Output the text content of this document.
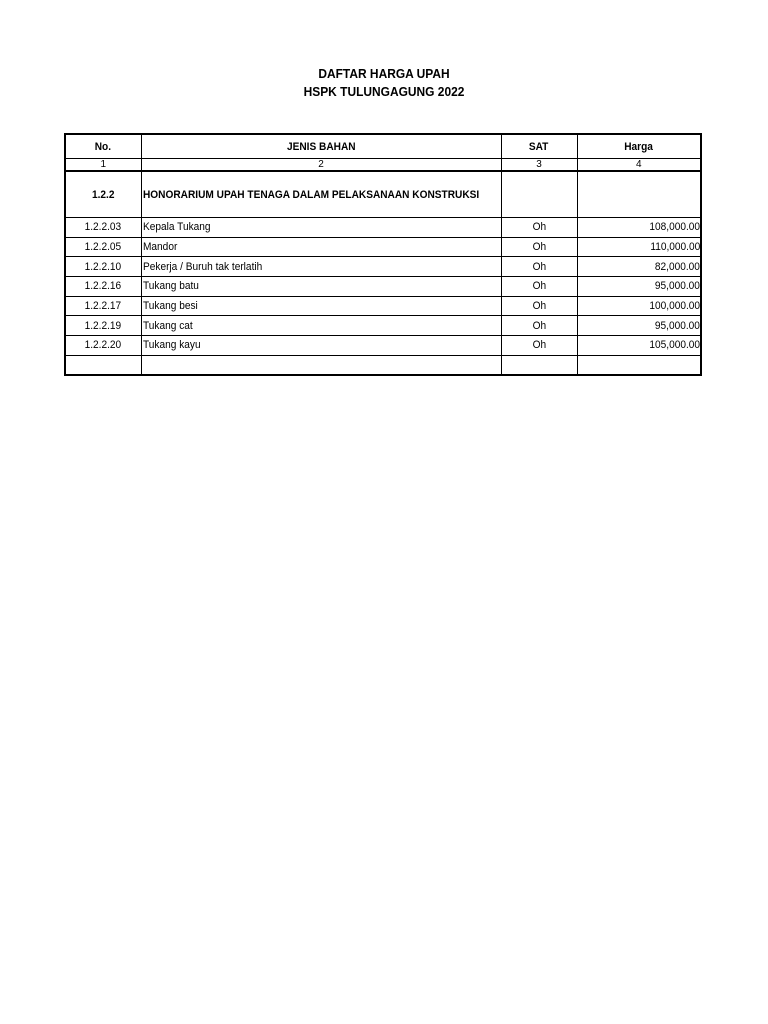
DAFTAR HARGA UPAH
HSPK TULUNGAGUNG 2022
No.	JENIS BAHAN	SAT	Harga
1	2	3	4
1.2.2	HONORARIUM UPAH TENAGA DALAM PELAKSANAAN KONSTRUKSI		
1.2.2.03	Kepala Tukang	Oh	108,000.00
1.2.2.05	Mandor	Oh	110,000.00
1.2.2.10	Pekerja / Buruh tak terlatih	Oh	82,000.00
1.2.2.16	Tukang batu	Oh	95,000.00
1.2.2.17	Tukang besi	Oh	100,000.00
1.2.2.19	Tukang cat	Oh	95,000.00
1.2.2.20	Tukang kayu	Oh	105,000.00
